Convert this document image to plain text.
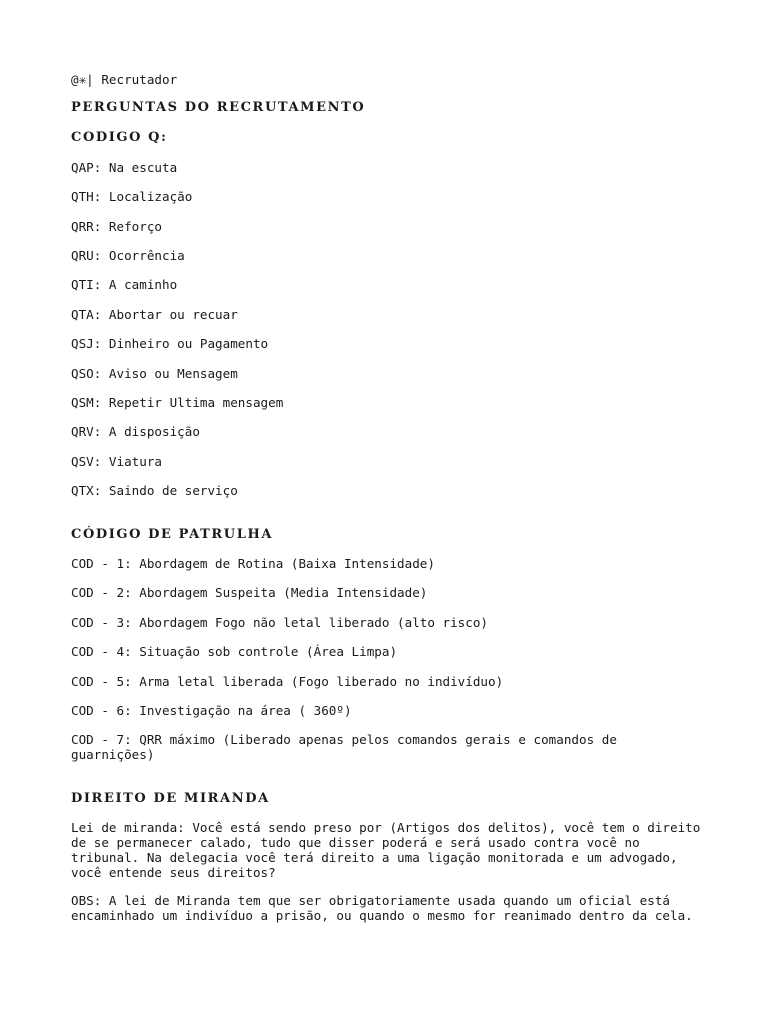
@✳| Recrutador
PERGUNTAS DO RECRUTAMENTO
CODIGO Q:
QAP: Na escuta
QTH: Localização
QRR: Reforço
QRU: Ocorrência
QTI: A caminho
QTA: Abortar ou recuar
QSJ: Dinheiro ou Pagamento
QSO: Aviso ou Mensagem
QSM: Repetir Ultima mensagem
QRV: A disposição
QSV: Viatura
QTX: Saindo de serviço
CÓDIGO DE PATRULHA
COD - 1: Abordagem de Rotina (Baixa Intensidade)
COD - 2: Abordagem Suspeita (Media Intensidade)
COD - 3: Abordagem Fogo não letal liberado (alto risco)
COD - 4: Situação sob controle (Área Limpa)
COD - 5: Arma letal liberada (Fogo liberado no indivíduo)
COD - 6: Investigação na área ( 360º)
COD - 7: QRR máximo (Liberado apenas pelos comandos gerais e comandos de guarnições)
DIREITO DE MIRANDA
Lei de miranda: Você está sendo preso por (Artigos dos delitos), você tem o direito de se permanecer calado, tudo que disser poderá e será usado contra você no tribunal. Na delegacia você terá direito a uma ligação monitorada e um advogado, você entende seus direitos?
OBS: A lei de Miranda tem que ser obrigatoriamente usada quando um oficial está encaminhado um indivíduo a prisão, ou quando o mesmo for reanimado dentro da cela.
